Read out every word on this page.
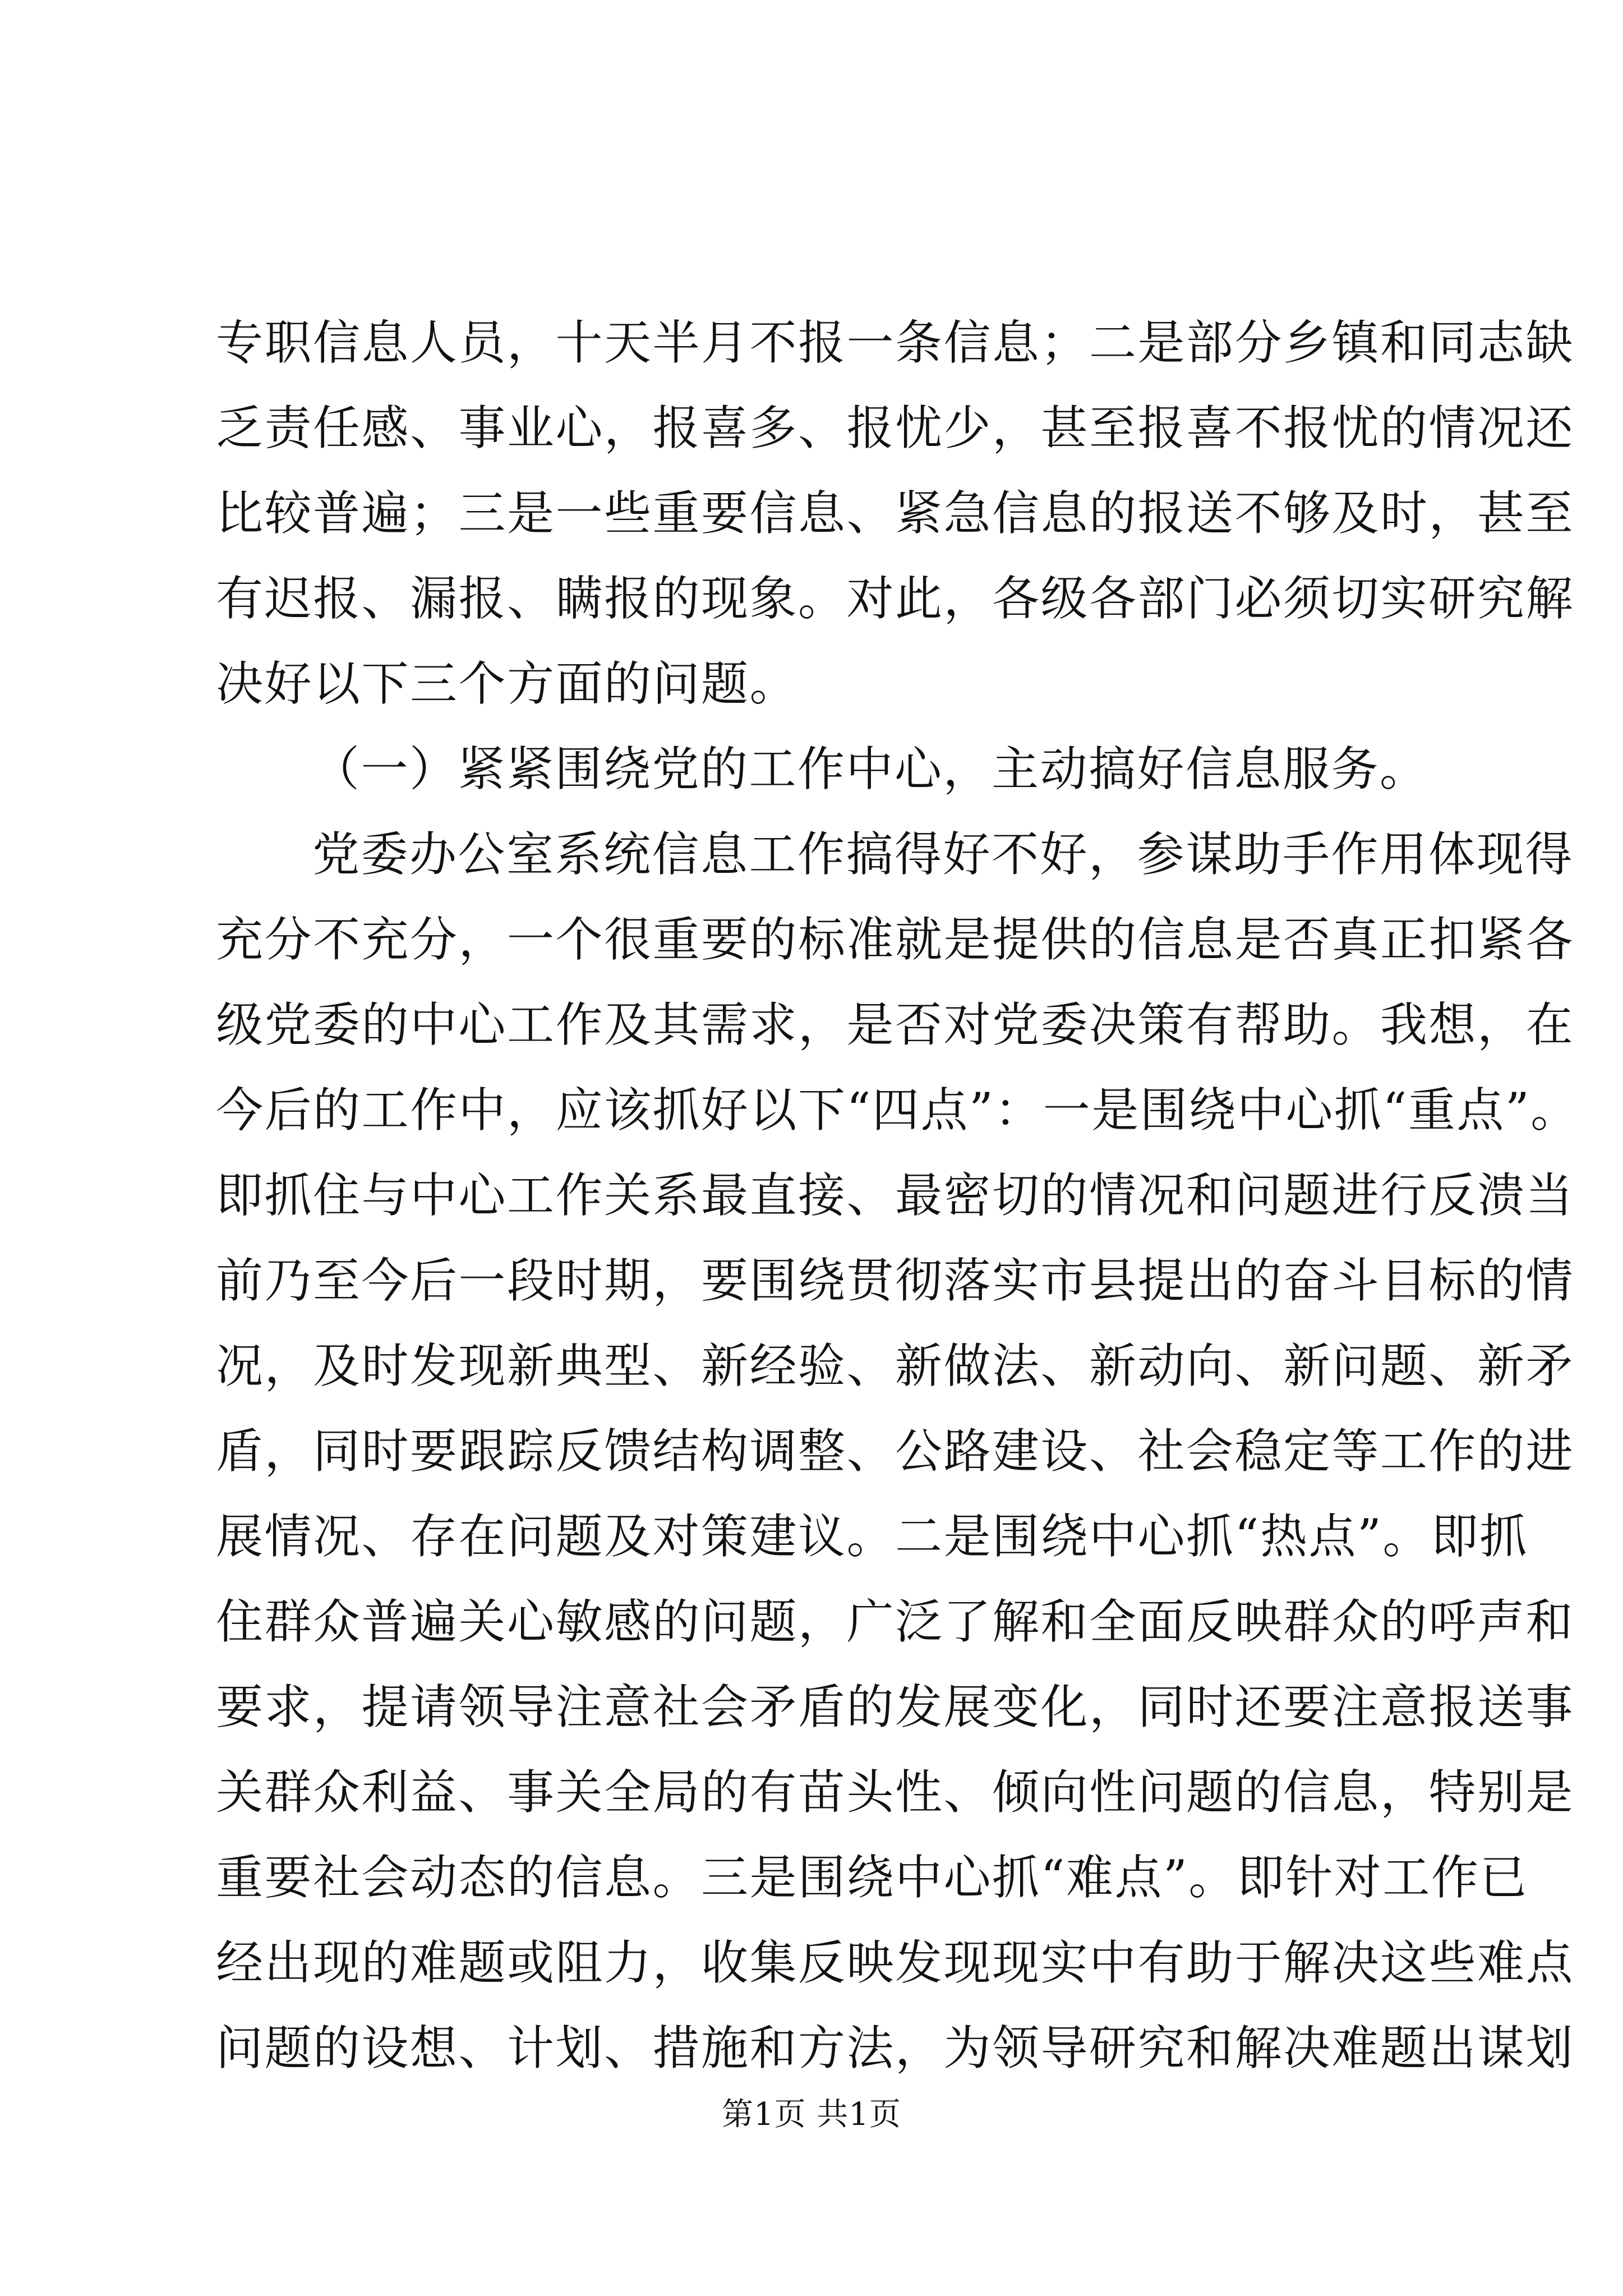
专职信息人员，十天半月不报一条信息；二是部分乡镇和同志缺
乏责任感、事业心，报喜多、报忧少，甚至报喜不报忧的情况还
比较普遍；三是一些重要信息、紧急信息的报送不够及时，甚至
有迟报、漏报、瞒报的现象。对此，各级各部门必须切实研究解
决好以下三个方面的问题。
（一）紧紧围绕党的工作中心，主动搞好信息服务。
党委办公室系统信息工作搞得好不好，参谋助手作用体现得
充分不充分，一个很重要的标准就是提供的信息是否真正扣紧各
级党委的中心工作及其需求，是否对党委决策有帮助。我想，在
今后的工作中，应该抓好以下“四点”：一是围绕中心抓“重点”。
即抓住与中心工作关系最直接、最密切的情况和问题进行反溃当
前乃至今后一段时期，要围绕贯彻落实市县提出的奋斗目标的情
况，及时发现新典型、新经验、新做法、新动向、新问题、新矛
盾，同时要跟踪反馈结构调整、公路建设、社会稳定等工作的进
展情况、存在问题及对策建议。二是围绕中心抓“热点”。即抓
住群众普遍关心敏感的问题，广泛了解和全面反映群众的呼声和
要求，提请领导注意社会矛盾的发展变化，同时还要注意报送事
关群众利益、事关全局的有苗头性、倾向性问题的信息，特别是
重要社会动态的信息。三是围绕中心抓“难点”。即针对工作已
经出现的难题或阻力，收集反映发现现实中有助于解决这些难点
问题的设想、计划、措施和方法，为领导研究和解决难题出谋划
第1页 共1页
